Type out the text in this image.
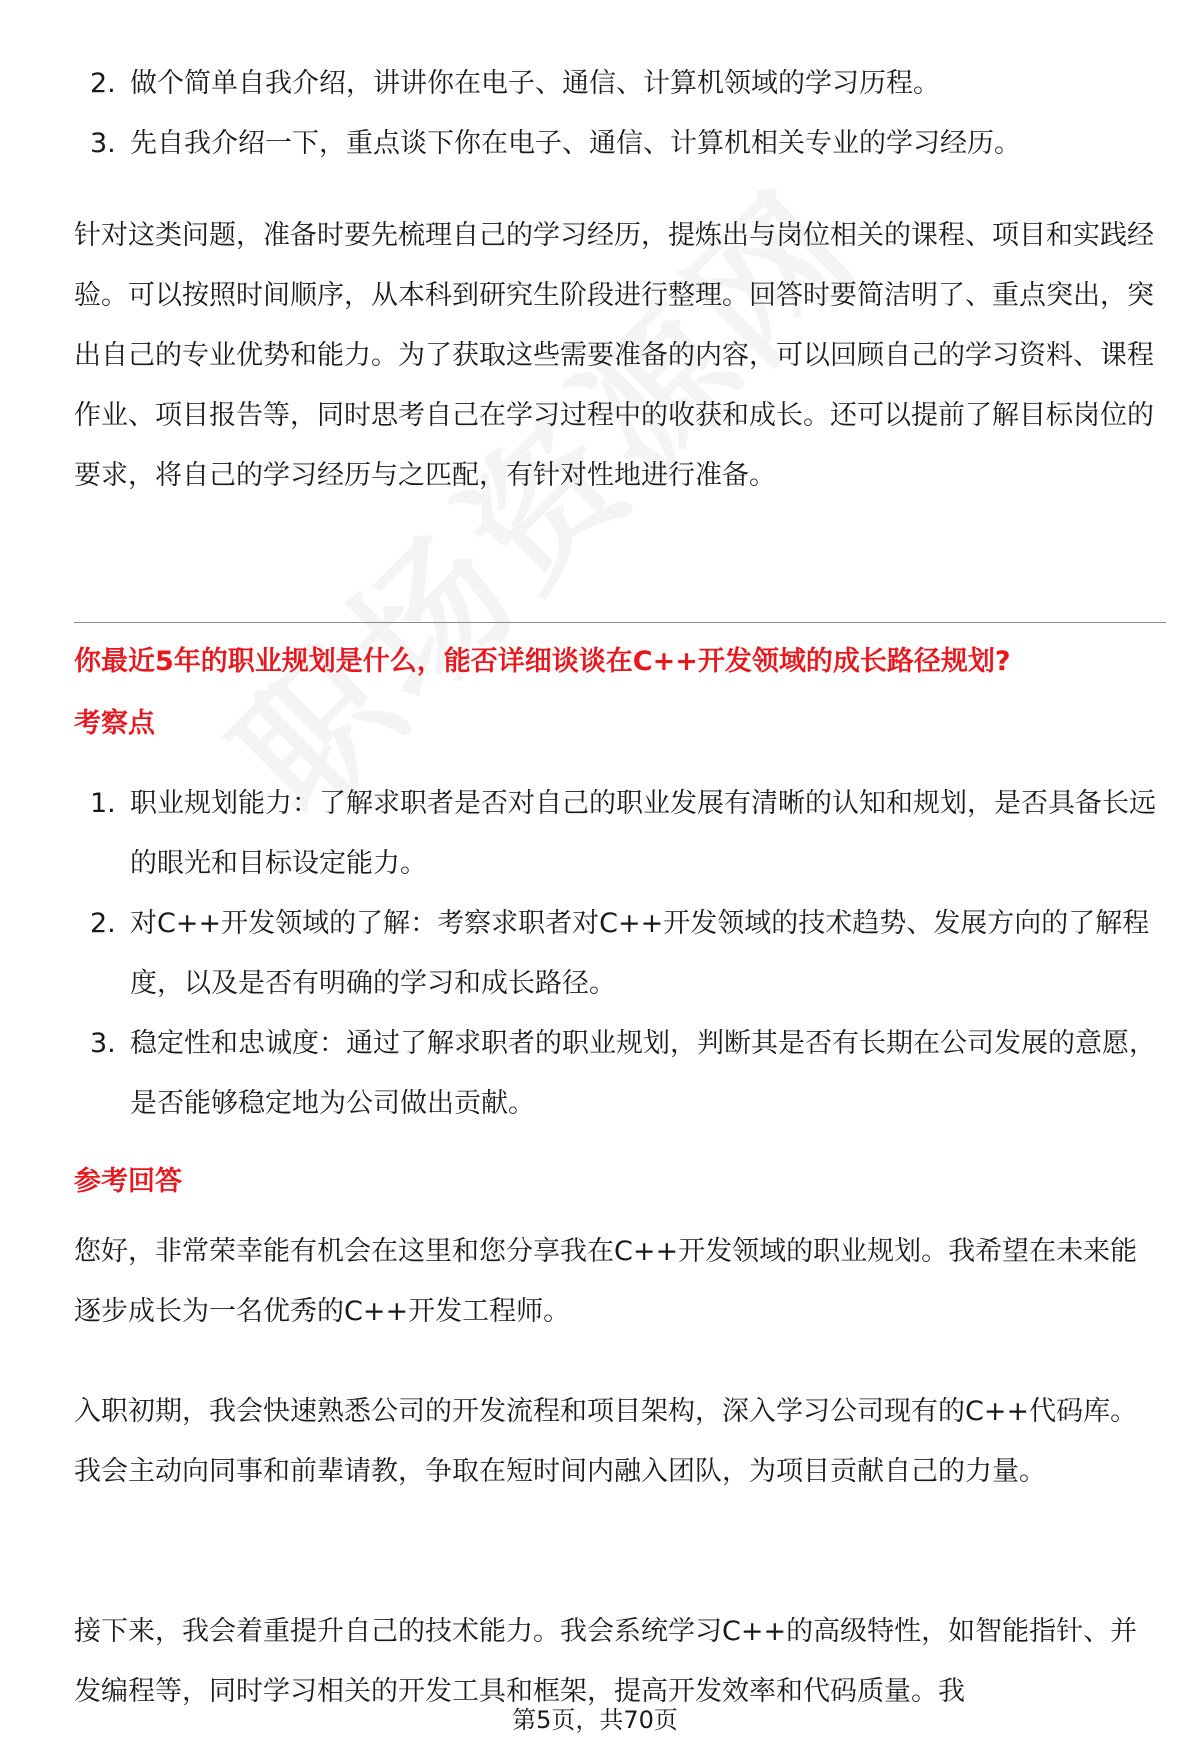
2. 做个简单自我介绍，讲讲你在电子、通信、计算机领域的学习历程。
3. 先自我介绍一下，重点谈下你在电子、通信、计算机相关专业的学习经历。

针对这类问题，准备时要先梳理自己的学习经历，提炼出与岗位相关的课程、项目和实践经验。可以按照时间顺序，从本科到研究生阶段进行整理。回答时要简洁明了、重点突出，突出自己的专业优势和能力。为了获取这些需要准备的内容，可以回顾自己的学习资料、课程作业、项目报告等，同时思考自己在学习过程中的收获和成长。还可以提前了解目标岗位的要求，将自己的学习经历与之匹配，有针对性地进行准备。

你最近5年的职业规划是什么，能否详细谈谈在C++开发领域的成长路径规划?
考察点
1. 职业规划能力：了解求职者是否对自己的职业发展有清晰的认知和规划，是否具备长远的眼光和目标设定能力。
2. 对C++开发领域的了解：考察求职者对C++开发领域的技术趋势、发展方向的了解程度，以及是否有明确的学习和成长路径。
3. 稳定性和忠诚度：通过了解求职者的职业规划，判断其是否有长期在公司发展的意愿，是否能够稳定地为公司做出贡献。
参考回答

您好，非常荣幸能有机会在这里和您分享我在C++开发领域的职业规划。我希望在未来能逐步成长为一名优秀的C++开发工程师。

入职初期，我会快速熟悉公司的开发流程和项目架构，深入学习公司现有的C++代码库。我会主动向同事和前辈请教，争取在短时间内融入团队，为项目贡献自己的力量。

接下来，我会着重提升自己的技术能力。我会系统学习C++的高级特性，如智能指针、并发编程等，同时学习相关的开发工具和框架，提高开发效率和代码质量。我

第5页，共70页
